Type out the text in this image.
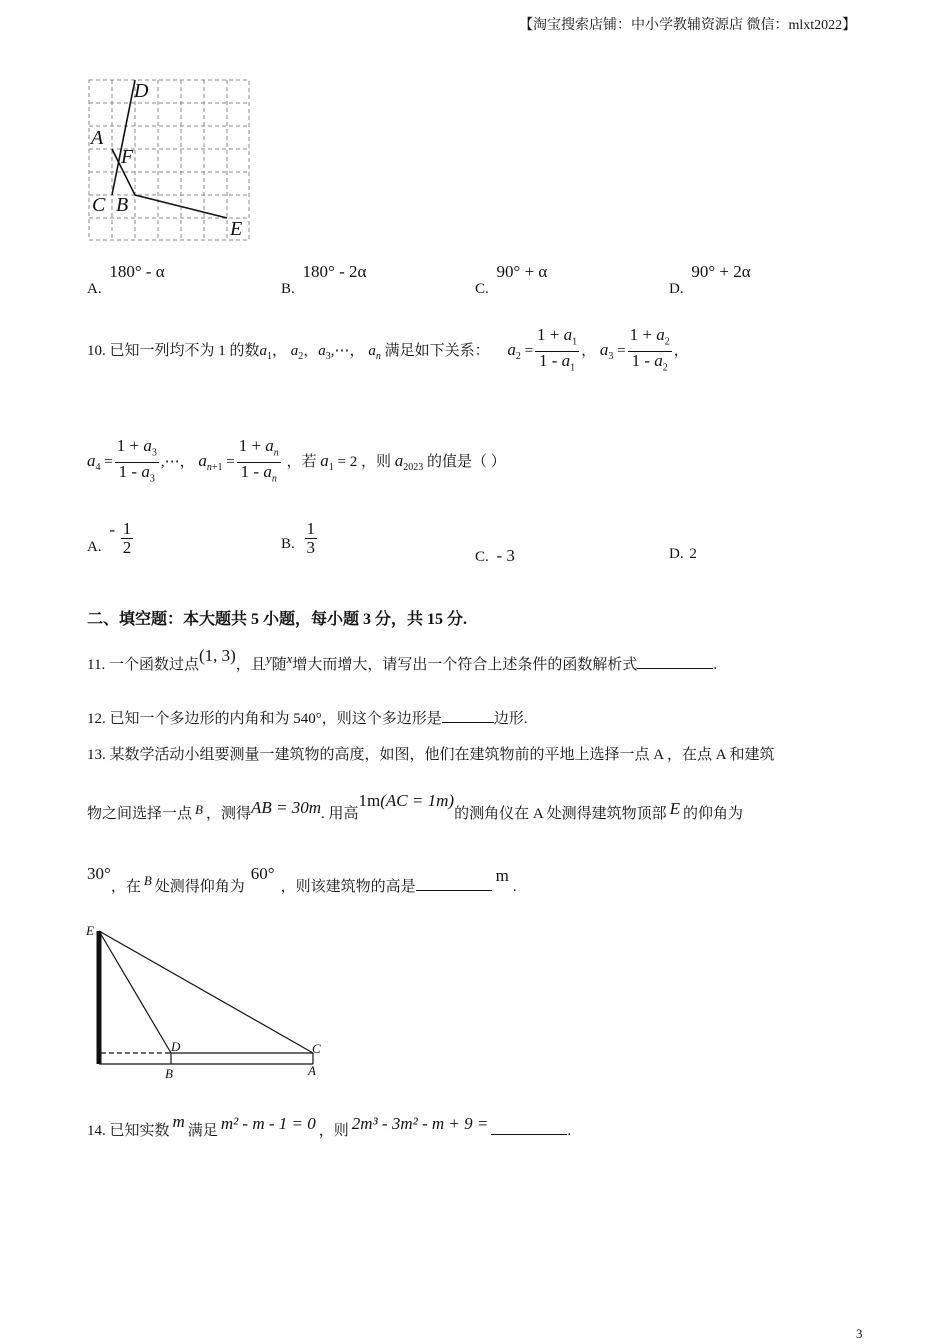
【淘宝搜索店铺：中小学教辅资源店 微信：mlxt2022】
D
A
F
C B
E
A. 180° - α
B. 180° - 2α
C. 90° + α
D. 90° + 2α
10. 已知一列均不为 1 的数$a_1$， $a_2$，$a_3,\cdots$， $a_n$ 满足如下关系： $a_2 = \frac{1 + a_1}{1 - a_1}$ ， $a_3 = \frac{1 + a_2}{1 - a_2}$ ，
$a_4 = \frac{1 + a_3}{1 - a_3}$ ,⋯， $a_{n+1} = \frac{1 + a_n}{1 - a_n}$ ，若 $a_1 = 2$ ，则 $a_{2023}$ 的值是（ ）
A. - $\frac{1}{2}$	B. $\frac{1}{3}$	C. - 3	D. 2
二、填空题：本大题共 5 小题，每小题 3 分，共 15 分.
11. 一个函数过点(1, 3)，且y随x增大而增大，请写出一个符合上述条件的函数解析式	.
12. 已知一个多边形的内角和为 540°，则这个多边形是	边形.
13. 某数学活动小组要测量一建筑物的高度，如图，他们在建筑物前的平地上选择一点 A ，在点 A 和建筑
物之间选择一点 B ，测得AB = 30m. 用高1m(AC = 1m)的测角仪在 A 处测得建筑物顶部 E 的仰角为
30°，在 B 处测得仰角为60°，则该建筑物的高是m.
E
D	C
B	A
14. 已知实数 m 满足 m² - m - 1 = 0 ，则 2m³ - 3m² - m + 9 =	.
3
